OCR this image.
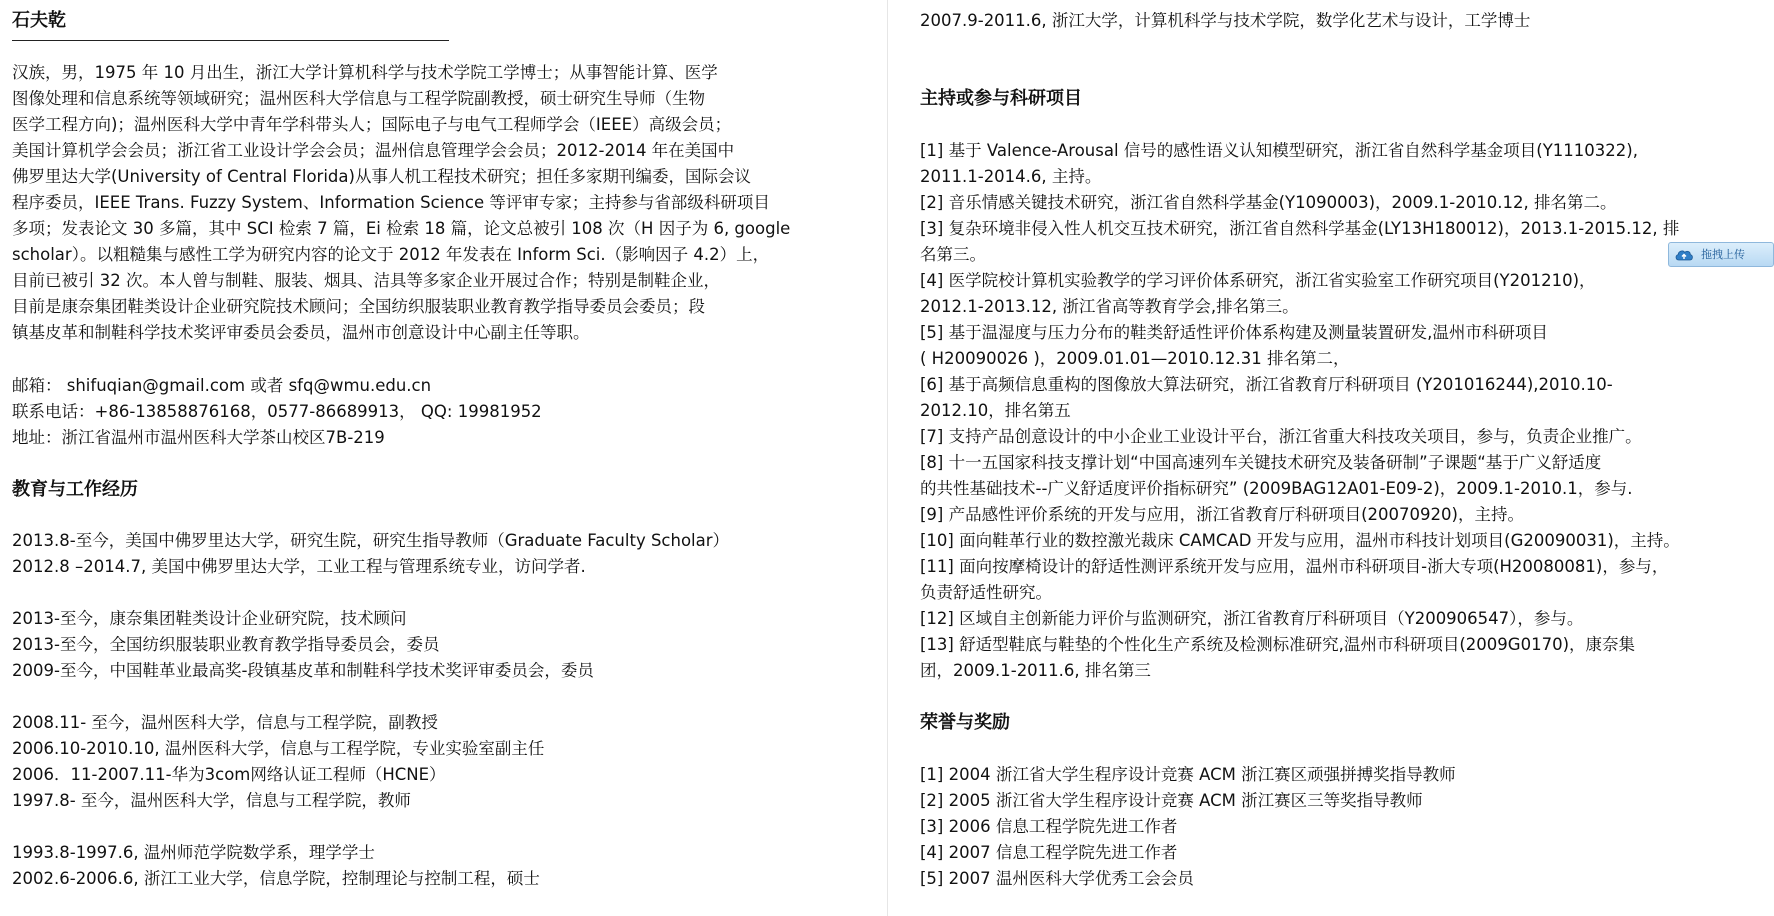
石夫乾
汉族，男，1975 年 10 月出生，浙江大学计算机科学与技术学院工学博士；从事智能计算、医学
图像处理和信息系统等领域研究；温州医科大学信息与工程学院副教授，硕士研究生导师（生物
医学工程方向)；温州医科大学中青年学科带头人；国际电子与电气工程师学会（IEEE）高级会员；
美国计算机学会会员；浙江省工业设计学会会员；温州信息管理学会会员；2012-2014 年在美国中
佛罗里达大学(University of Central Florida)从事人机工程技术研究；担任多家期刊编委，国际会议
程序委员，IEEE Trans. Fuzzy System、Information Science 等评审专家；主持参与省部级科研项目
多项；发表论文 30 多篇，其中 SCI 检索 7 篇，Ei 检索 18 篇，论文总被引 108 次（H 因子为 6, google
scholar）。以粗糙集与感性工学为研究内容的论文于 2012 年发表在 Inform Sci.（影响因子 4.2）上，
目前已被引 32 次。本人曾与制鞋、服装、烟具、洁具等多家企业开展过合作；特别是制鞋企业，
目前是康奈集团鞋类设计企业研究院技术顾问；全国纺织服装职业教育教学指导委员会委员；段
镇基皮革和制鞋科学技术奖评审委员会委员，温州市创意设计中心副主任等职。
邮箱： shifuqian@gmail.com 或者 sfq@wmu.edu.cn
联系电话：+86-13858876168，0577-86689913， QQ: 19981952
地址：浙江省温州市温州医科大学茶山校区7B-219
教育与工作经历
2013.8-至今，美国中佛罗里达大学，研究生院，研究生指导教师（Graduate Faculty Scholar）
2012.8 –2014.7, 美国中佛罗里达大学，工业工程与管理系统专业，访问学者.
2013-至今，康奈集团鞋类设计企业研究院，技术顾问
2013-至今，全国纺织服装职业教育教学指导委员会，委员
2009-至今，中国鞋革业最高奖-段镇基皮革和制鞋科学技术奖评审委员会，委员
2008.11- 至今，温州医科大学，信息与工程学院，副教授
2006.10-2010.10, 温州医科大学，信息与工程学院，专业实验室副主任
2006．11-2007.11-华为3com网络认证工程师（HCNE）
1997.8- 至今，温州医科大学，信息与工程学院，教师
1993.8-1997.6, 温州师范学院数学系，理学学士
2002.6-2006.6, 浙江工业大学，信息学院，控制理论与控制工程，硕士
2007.9-2011.6, 浙江大学，计算机科学与技术学院，数学化艺术与设计，工学博士
主持或参与科研项目
[1] 基于 Valence-Arousal 信号的感性语义认知模型研究，浙江省自然科学基金项目(Y1110322),
2011.1-2014.6, 主持。
[2] 音乐情感关键技术研究，浙江省自然科学基金(Y1090003)，2009.1-2010.12, 排名第二。
[3] 复杂环境非侵入性人机交互技术研究，浙江省自然科学基金(LY13H180012)，2013.1-2015.12, 排
名第三。
[4] 医学院校计算机实验教学的学习评价体系研究，浙江省实验室工作研究项目(Y201210)，
2012.1-2013.12, 浙江省高等教育学会,排名第三。
[5] 基于温湿度与压力分布的鞋类舒适性评价体系构建及测量装置研发,温州市科研项目
( H20090026 )，2009.01.01—2010.12.31 排名第二，
[6] 基于高频信息重构的图像放大算法研究，浙江省教育厅科研项目 (Y201016244),2010.10-
2012.10，排名第五
[7] 支持产品创意设计的中小企业工业设计平台，浙江省重大科技攻关项目，参与，负责企业推广。
[8] 十一五国家科技支撑计划“中国高速列车关键技术研究及装备研制”子课题“基于广义舒适度
的共性基础技术--广义舒适度评价指标研究” (2009BAG12A01-E09-2)，2009.1-2010.1，参与.
[9] 产品感性评价系统的开发与应用，浙江省教育厅科研项目(20070920)，主持。
[10] 面向鞋革行业的数控激光裁床 CAMCAD 开发与应用，温州市科技计划项目(G20090031)，主持。
[11] 面向按摩椅设计的舒适性测评系统开发与应用，温州市科研项目-浙大专项(H20080081)，参与，
负责舒适性研究。
[12] 区域自主创新能力评价与监测研究，浙江省教育厅科研项目（Y200906547），参与。
[13] 舒适型鞋底与鞋垫的个性化生产系统及检测标准研究,温州市科研项目(2009G0170)，康奈集
团，2009.1-2011.6, 排名第三
荣誉与奖励
[1] 2004 浙江省大学生程序设计竞赛 ACM 浙江赛区顽强拼搏奖指导教师
[2] 2005 浙江省大学生程序设计竞赛 ACM 浙江赛区三等奖指导教师
[3] 2006 信息工程学院先进工作者
[4] 2007 信息工程学院先进工作者
[5] 2007 温州医科大学优秀工会会员
拖拽上传
